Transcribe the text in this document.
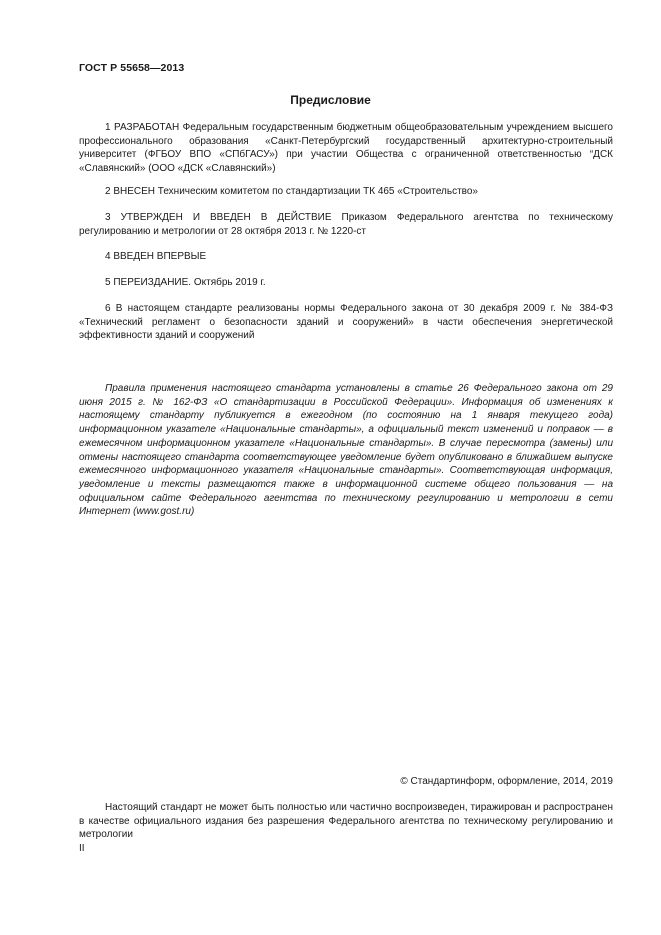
ГОСТ Р 55658—2013
Предисловие

1 РАЗРАБОТАН Федеральным государственным бюджетным общеобразовательным учреждением высшего профессионального образования «Санкт-Петербургский государственный архитектурно-строительный университет (ФГБОУ ВПО «СПбГАСУ») при участии Общества с ограниченной ответственностью “ДСК «Славянский» (ООО «ДСК «Славянский»)

2 ВНЕСЕН Техническим комитетом по стандартизации ТК 465 «Строительство»

3 УТВЕРЖДЕН И ВВЕДЕН В ДЕЙСТВИЕ Приказом Федерального агентства по техническому регулированию и метрологии от 28 октября 2013 г. № 1220-ст

4 ВВЕДЕН ВПЕРВЫЕ

5 ПЕРЕИЗДАНИЕ. Октябрь 2019 г.

6 В настоящем стандарте реализованы нормы Федерального закона от 30 декабря 2009 г. № 384-ФЗ «Технический регламент о безопасности зданий и сооружений» в части обеспечения энергетической эффективности зданий и сооружений

Правила применения настоящего стандарта установлены в статье 26 Федерального закона от 29 июня 2015 г. № 162-ФЗ «О стандартизации в Российской Федерации». Информация об изменениях к настоящему стандарту публикуется в ежегодном (по состоянию на 1 января текущего года) информационном указателе «Национальные стандарты», а официальный текст изменений и поправок — в ежемесячном информационном указателе «Национальные стандарты». В случае пересмотра (замены) или отмены настоящего стандарта соответствующее уведомление будет опубликовано в ближайшем выпуске ежемесячного информационного указателя «Национальные стандарты». Соответствующая информация, уведомление и тексты размещаются также в информационной системе общего пользования — на официальном сайте Федерального агентства по техническому регулированию и метрологии в сети Интернет (www.gost.ru)

© Стандартинформ, оформление, 2014, 2019

Настоящий стандарт не может быть полностью или частично воспроизведен, тиражирован и распространен в качестве официального издания без разрешения Федерального агентства по техническому регулированию и метрологии

II
